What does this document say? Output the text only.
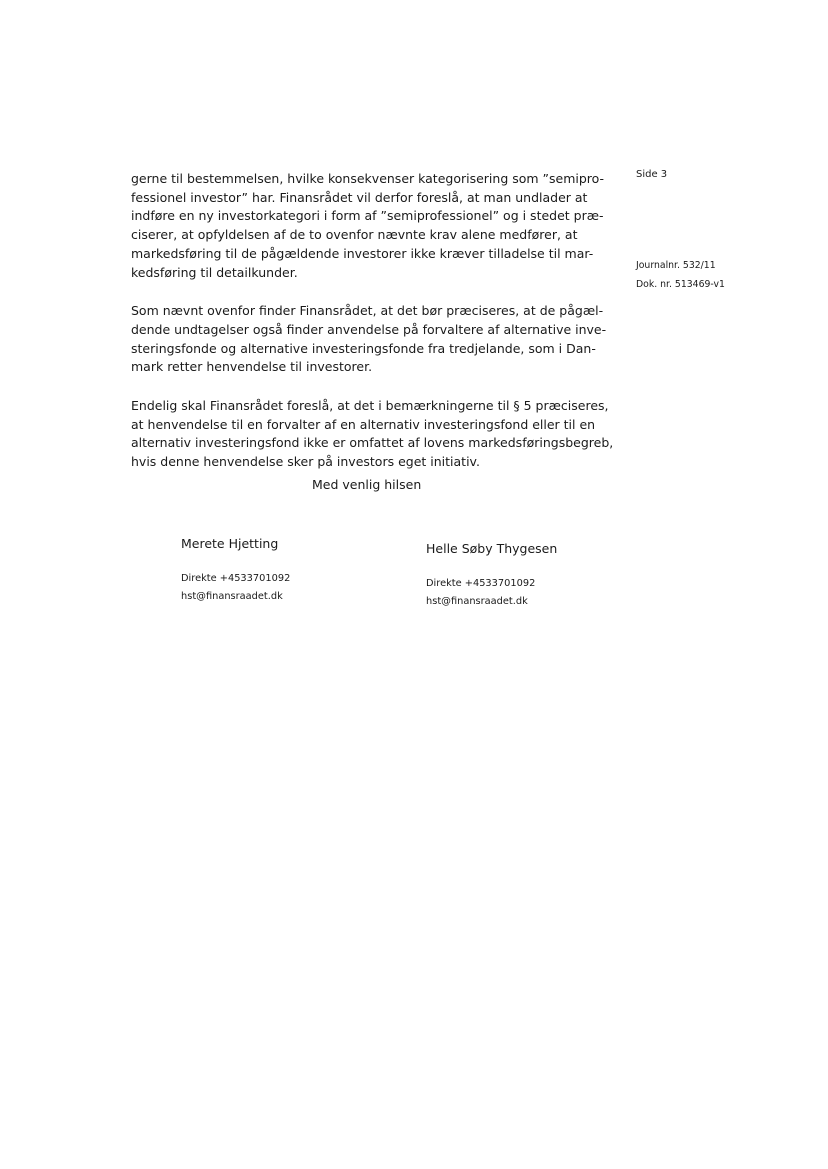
Side 3
Journalnr. 532/11
Dok. nr. 513469-v1

gerne til bestemmelsen, hvilke konsekvenser kategorisering som ”semipro-
fessionel investor” har. Finansrådet vil derfor foreslå, at man undlader at
indføre en ny investorkategori i form af ”semiprofessionel” og i stedet præ-
ciserer, at opfyldelsen af de to ovenfor nævnte krav alene medfører, at
markedsføring til de pågældende investorer ikke kræver tilladelse til mar-
kedsføring til detailkunder.

Som nævnt ovenfor finder Finansrådet, at det bør præciseres, at de pågæl-
dende undtagelser også finder anvendelse på forvaltere af alternative inve-
steringsfonde og alternative investeringsfonde fra tredjelande, som i Dan-
mark retter henvendelse til investorer.

Endelig skal Finansrådet foreslå, at det i bemærkningerne til § 5 præciseres,
at henvendelse til en forvalter af en alternativ investeringsfond eller til en
alternativ investeringsfond ikke er omfattet af lovens markedsføringsbegreb,
hvis denne henvendelse sker på investors eget initiativ.

Med venlig hilsen

Merete Hjetting

Direkte +4533701092

hst@finansraadet.dk

Helle Søby Thygesen

Direkte +4533701092

hst@finansraadet.dk
